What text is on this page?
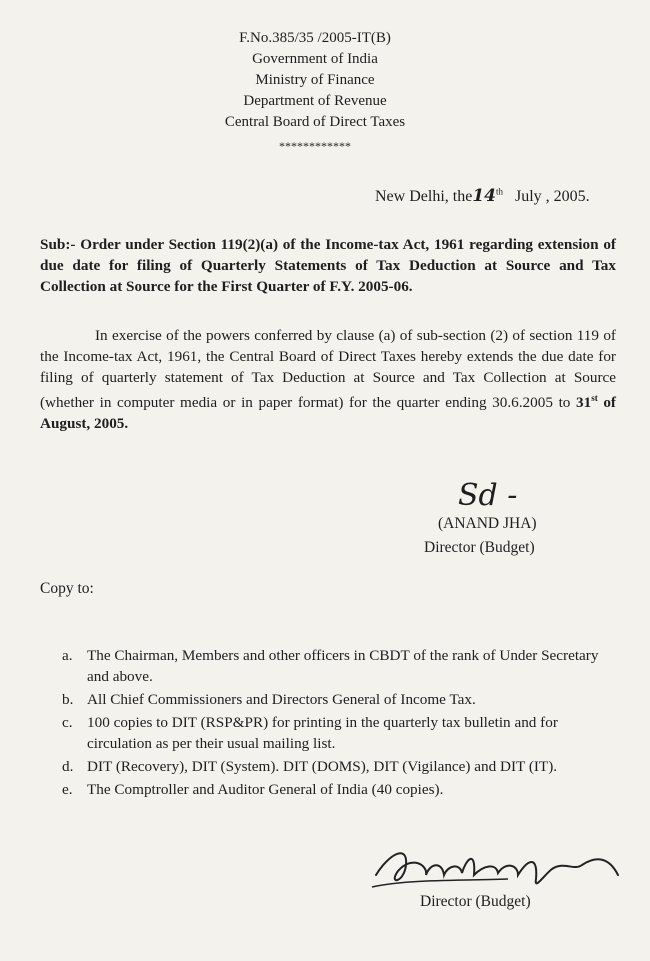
F.No.385/35 /2005-IT(B)
Government of India
Ministry of Finance
Department of Revenue
Central Board of Direct Taxes
************
New Delhi, the14th July , 2005.
Sub:- Order under Section 119(2)(a) of the Income-tax Act, 1961 regarding extension of due date for filing of Quarterly Statements of Tax Deduction at Source and Tax Collection at Source for the First Quarter of F.Y. 2005-06.
In exercise of the powers conferred by clause (a) of sub-section (2) of section 119 of the Income-tax Act, 1961, the Central Board of Direct Taxes hereby extends the due date for filing of quarterly statement of Tax Deduction at Source and Tax Collection at Source (whether in computer media or in paper format) for the quarter ending 30.6.2005 to 31st of August, 2005.
Sd -
(ANAND JHA)
Director (Budget)
Copy to:
a. The Chairman, Members and other officers in CBDT of the rank of Under Secretary and above.
b. All Chief Commissioners and Directors General of Income Tax.
c. 100 copies to DIT (RSP&PR) for printing in the quarterly tax bulletin and for circulation as per their usual mailing list.
d. DIT (Recovery), DIT (System). DIT (DOMS), DIT (Vigilance) and DIT (IT).
e. The Comptroller and Auditor General of India (40 copies).
Director (Budget)
